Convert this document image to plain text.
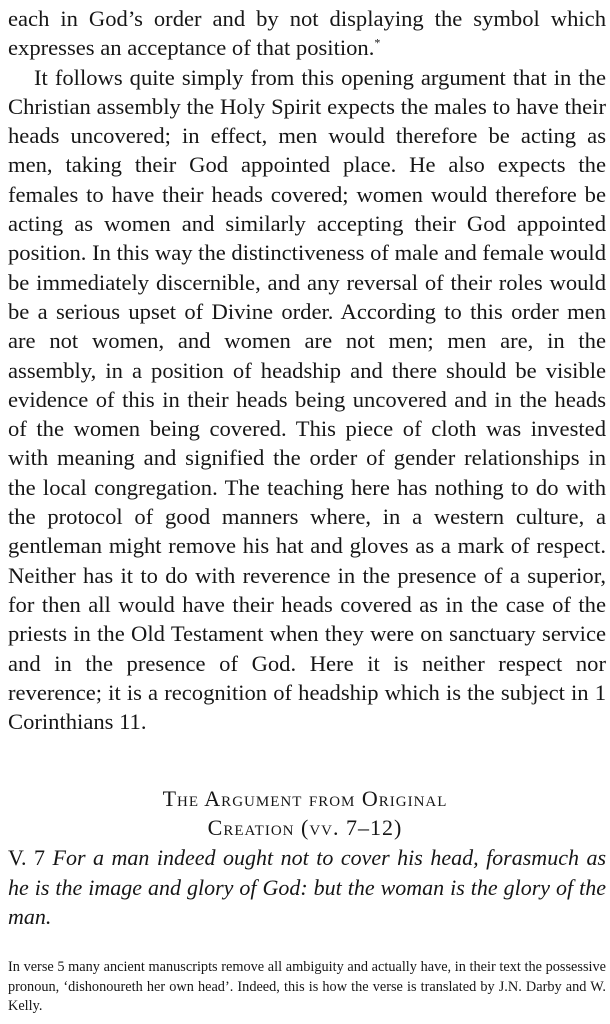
each in God’s order and by not displaying the symbol which expresses an acceptance of that position.*

It follows quite simply from this opening argument that in the Christian assembly the Holy Spirit expects the males to have their heads uncovered; in effect, men would therefore be acting as men, taking their God appointed place. He also expects the females to have their heads covered; women would therefore be acting as women and similarly accepting their God appointed position. In this way the distinctiveness of male and female would be immediately discernible, and any reversal of their roles would be a serious upset of Divine order. According to this order men are not women, and women are not men; men are, in the assembly, in a position of headship and there should be visible evidence of this in their heads being uncovered and in the heads of the women being covered. This piece of cloth was invested with meaning and signified the order of gender relationships in the local congregation. The teaching here has nothing to do with the protocol of good manners where, in a western culture, a gentleman might remove his hat and gloves as a mark of respect. Neither has it to do with reverence in the presence of a superior, for then all would have their heads covered as in the case of the priests in the Old Testament when they were on sanctuary service and in the presence of God. Here it is neither respect nor reverence; it is a recognition of headship which is the subject in 1 Corinthians 11.

The Argument from Original
Creation (vv. 7–12)
V. 7 For a man indeed ought not to cover his head, forasmuch as he is the image and glory of God: but the woman is the glory of the man.

In verse 5 many ancient manuscripts remove all ambiguity and actually have, in their text the possessive pronoun, ‘dishonoureth her own head’. Indeed, this is how the verse is translated by J.N. Darby and W. Kelly.
